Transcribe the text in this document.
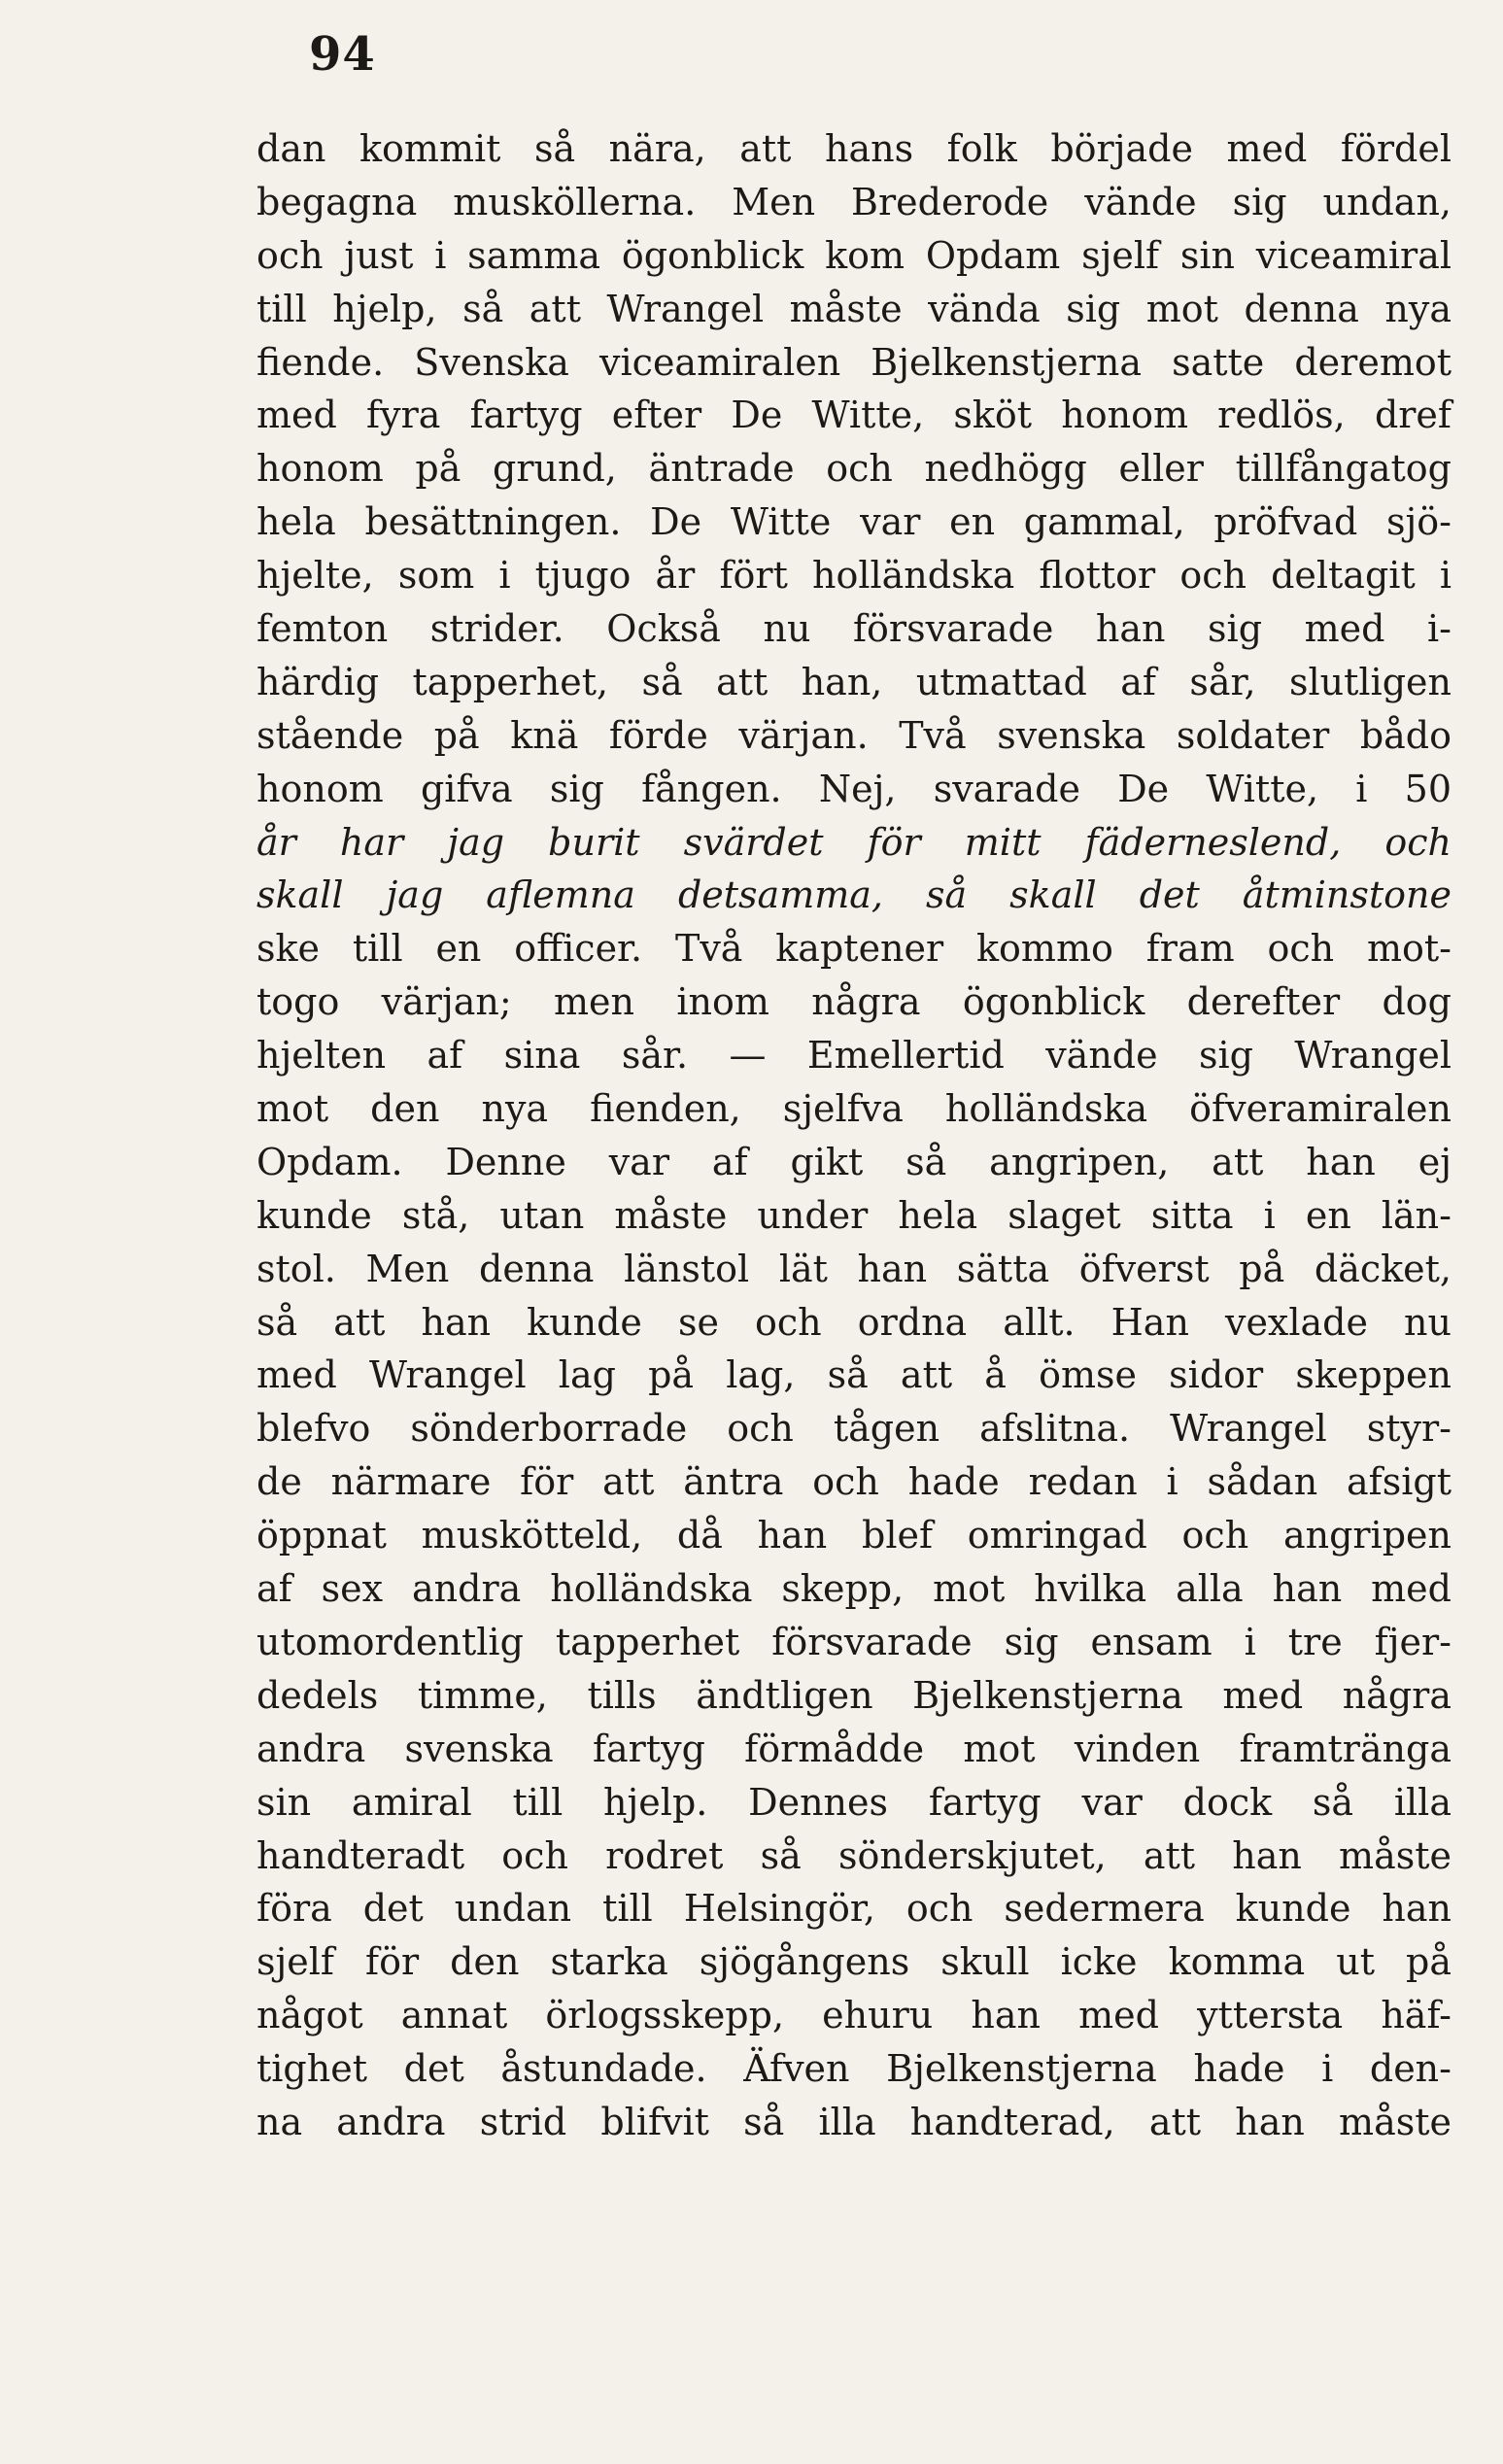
94
dan kommit så nära, att hans folk började med fördel
begagna musköllerna. Men Brederode vände sig undan,
och just i samma ögonblick kom Opdam sjelf sin viceamiral
till hjelp, så att Wrangel måste vända sig mot denna nya
fiende. Svenska viceamiralen Bjelkenstjerna satte deremot
med fyra fartyg efter De Witte, sköt honom redlös, dref
honom på grund, äntrade och nedhögg eller tillfångatog
hela besättningen. De Witte var en gammal, pröfvad sjö-
hjelte, som i tjugo år fört holländska flottor och deltagit i
femton strider. Också nu försvarade han sig med i-
härdig tapperhet, så att han, utmattad af sår, slutligen
stående på knä förde värjan. Två svenska soldater bådo
honom gifva sig fången. Nej, svarade De Witte, i 50
år har jag burit svärdet för mitt fäderneslend, och
skall jag aflemna detsamma, så skall det åtminstone
ske till en officer. Två kaptener kommo fram och mot-
togo värjan; men inom några ögonblick derefter dog
hjelten af sina sår. — Emellertid vände sig Wrangel
mot den nya fienden, sjelfva holländska öfveramiralen
Opdam. Denne var af gikt så angripen, att han ej
kunde stå, utan måste under hela slaget sitta i en län-
stol. Men denna länstol lät han sätta öfverst på däcket,
så att han kunde se och ordna allt. Han vexlade nu
med Wrangel lag på lag, så att å ömse sidor skeppen
blefvo sönderborrade och tågen afslitna. Wrangel styr-
de närmare för att äntra och hade redan i sådan afsigt
öppnat muskötteld, då han blef omringad och angripen
af sex andra holländska skepp, mot hvilka alla han med
utomordentlig tapperhet försvarade sig ensam i tre fjer-
dedels timme, tills ändtligen Bjelkenstjerna med några
andra svenska fartyg förmådde mot vinden framtränga
sin amiral till hjelp. Dennes fartyg var dock så illa
handteradt och rodret så sönderskjutet, att han måste
föra det undan till Helsingör, och sedermera kunde han
sjelf för den starka sjögångens skull icke komma ut på
något annat örlogsskepp, ehuru han med yttersta häf-
tighet det åstundade. Äfven Bjelkenstjerna hade i den-
na andra strid blifvit så illa handterad, att han måste
